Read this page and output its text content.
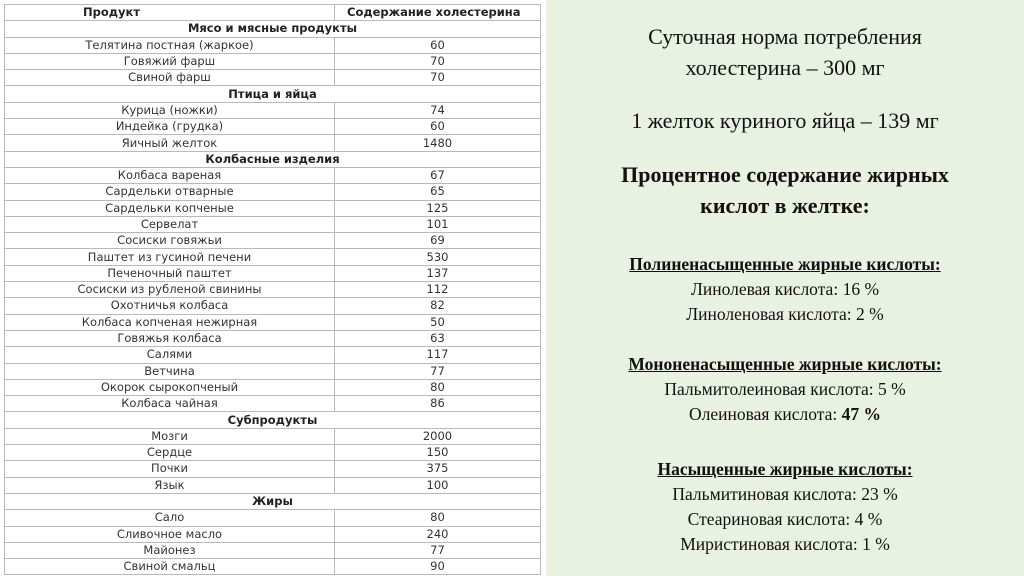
Продукт	Содержание холестерина
Мясо и мясные продукты	
Телятина постная (жаркое)	60
Говяжий фарш	70
Свиной фарш	70
Птица и яйца	
Курица (ножки)	74
Индейка (грудка)	60
Яичный желток	1480
Колбасные изделия	
Колбаса вареная	67
Сардельки отварные	65
Сардельки копченые	125
Сервелат	101
Сосиски говяжьи	69
Паштет из гусиной печени	530
Печеночный паштет	137
Сосиски из рубленой свинины	112
Охотничья колбаса	82
Колбаса копченая нежирная	50
Говяжья колбаса	63
Салями	117
Ветчина	77
Окорок сырокопченый	80
Колбаса чайная	86
Субпродукты	
Мозги	2000
Сердце	150
Почки	375
Язык	100
Жиры	
Сало	80
Сливочное масло	240
Майонез	77
Свиной смальц	90
Суточная норма потребления
холестерина – 300 мг
1 желток куриного яйца – 139 мг
Процентное содержание жирных
кислот в желтке:
Полиненасыщенные жирные кислоты:
Линолевая кислота: 16 %
Линоленовая кислота: 2 %
Мононенасыщенные жирные кислоты:
Пальмитолеиновая кислота: 5 %
Олеиновая кислота: 47 %
Насыщенные жирные кислоты:
Пальмитиновая кислота: 23 %
Стеариновая кислота: 4 %
Миристиновая кислота: 1 %
